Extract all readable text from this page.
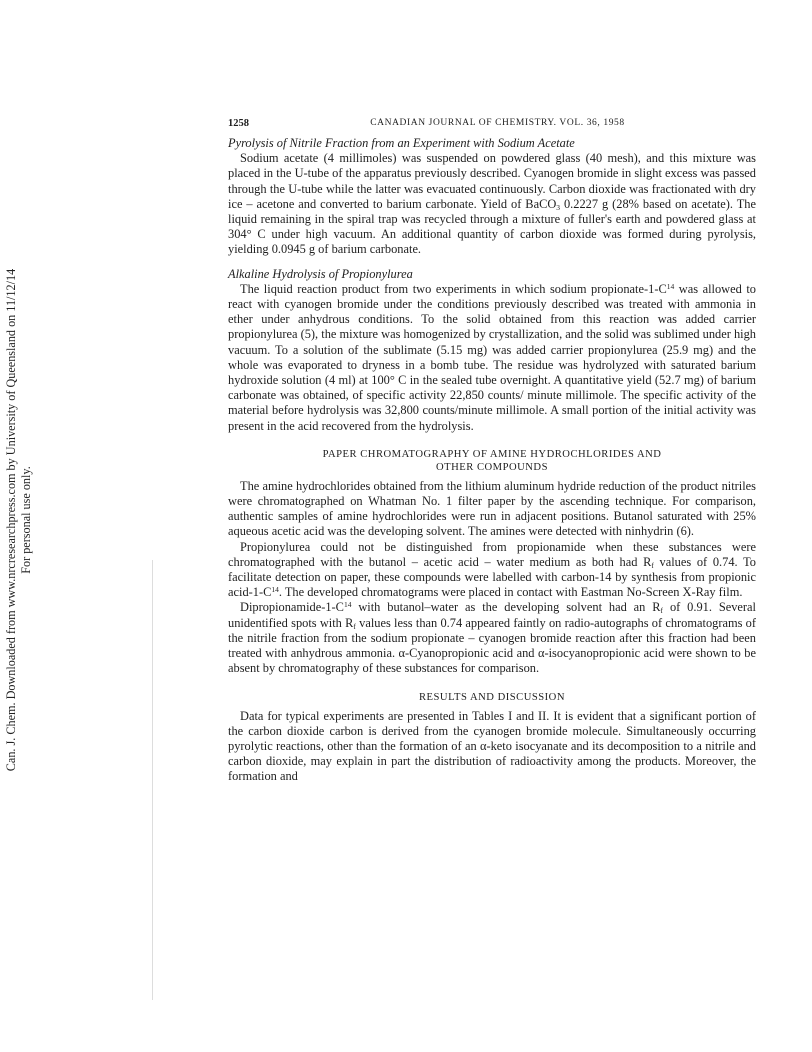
Can. J. Chem. Downloaded from www.nrcresearchpress.com by University of Queensland on 11/12/14 For personal use only.
1258	CANADIAN JOURNAL OF CHEMISTRY. VOL. 36, 1958
Pyrolysis of Nitrile Fraction from an Experiment with Sodium Acetate

Sodium acetate (4 millimoles) was suspended on powdered glass (40 mesh), and this mixture was placed in the U-tube of the apparatus previously described. Cyanogen bromide in slight excess was passed through the U-tube while the latter was evacuated continuously. Carbon dioxide was fractionated with dry ice – acetone and converted to barium carbonate. Yield of BaCO$_3$ 0.2227 g (28% based on acetate). The liquid remaining in the spiral trap was recycled through a mixture of fuller's earth and powdered glass at 304° C under high vacuum. An additional quantity of carbon dioxide was formed during pyrolysis, yielding 0.0945 g of barium carbonate.

Alkaline Hydrolysis of Propionylurea

The liquid reaction product from two experiments in which sodium propionate-$1-C^{14}$ was allowed to react with cyanogen bromide under the conditions previously described was treated with ammonia in ether under anhydrous conditions. To the solid obtained from this reaction was added carrier propionylurea (5), the mixture was homogenized by crystallization, and the solid was sublimed under high vacuum. To a solution of the sublimate (5.15 mg) was added carrier propionylurea (25.9 mg) and the whole was evaporated to dryness in a bomb tube. The residue was hydrolyzed with saturated barium hydroxide solution (4 ml) at 100° C in the sealed tube overnight. A quantitative yield (52.7 mg) of barium carbonate was obtained, of specific activity 22,850 counts/ minute millimole. The specific activity of the material before hydrolysis was 32,800 counts/minute millimole. A small portion of the initial activity was present in the acid recovered from the hydrolysis.

PAPER CHROMATOGRAPHY OF AMINE HYDROCHLORIDES AND
OTHER COMPOUNDS

The amine hydrochlorides obtained from the lithium aluminum hydride reduction of the product nitriles were chromatographed on Whatman No. 1 filter paper by the ascending technique. For comparison, authentic samples of amine hydrochlorides were run in adjacent positions. Butanol saturated with 25% aqueous acetic acid was the developing solvent. The amines were detected with ninhydrin (6).

Propionylurea could not be distinguished from propionamide when these substances were chromatographed with the butanol – acetic acid – water medium as both had $R_f$ values of 0.74. To facilitate detection on paper, these compounds were labelled with carbon-14 by synthesis from propionic acid-$1-C^{14}$. The developed chromatograms were placed in contact with Eastman No-Screen X-Ray film.

Dipropionamide-$1-C^{14}$ with butanol–water as the developing solvent had an $R_f$ of 0.91. Several unidentified spots with $R_f$ values less than 0.74 appeared faintly on radio-autographs of chromatograms of the nitrile fraction from the sodium propionate – cyanogen bromide reaction after this fraction had been treated with anhydrous ammonia. α-Cyanopropionic acid and α-isocyanopropionic acid were shown to be absent by chromatography of these substances for comparison.

RESULTS AND DISCUSSION

Data for typical experiments are presented in Tables I and II. It is evident that a significant portion of the carbon dioxide carbon is derived from the cyanogen bromide molecule. Simultaneously occurring pyrolytic reactions, other than the formation of an α-keto isocyanate and its decomposition to a nitrile and carbon dioxide, may explain in part the distribution of radioactivity among the products. Moreover, the formation and
